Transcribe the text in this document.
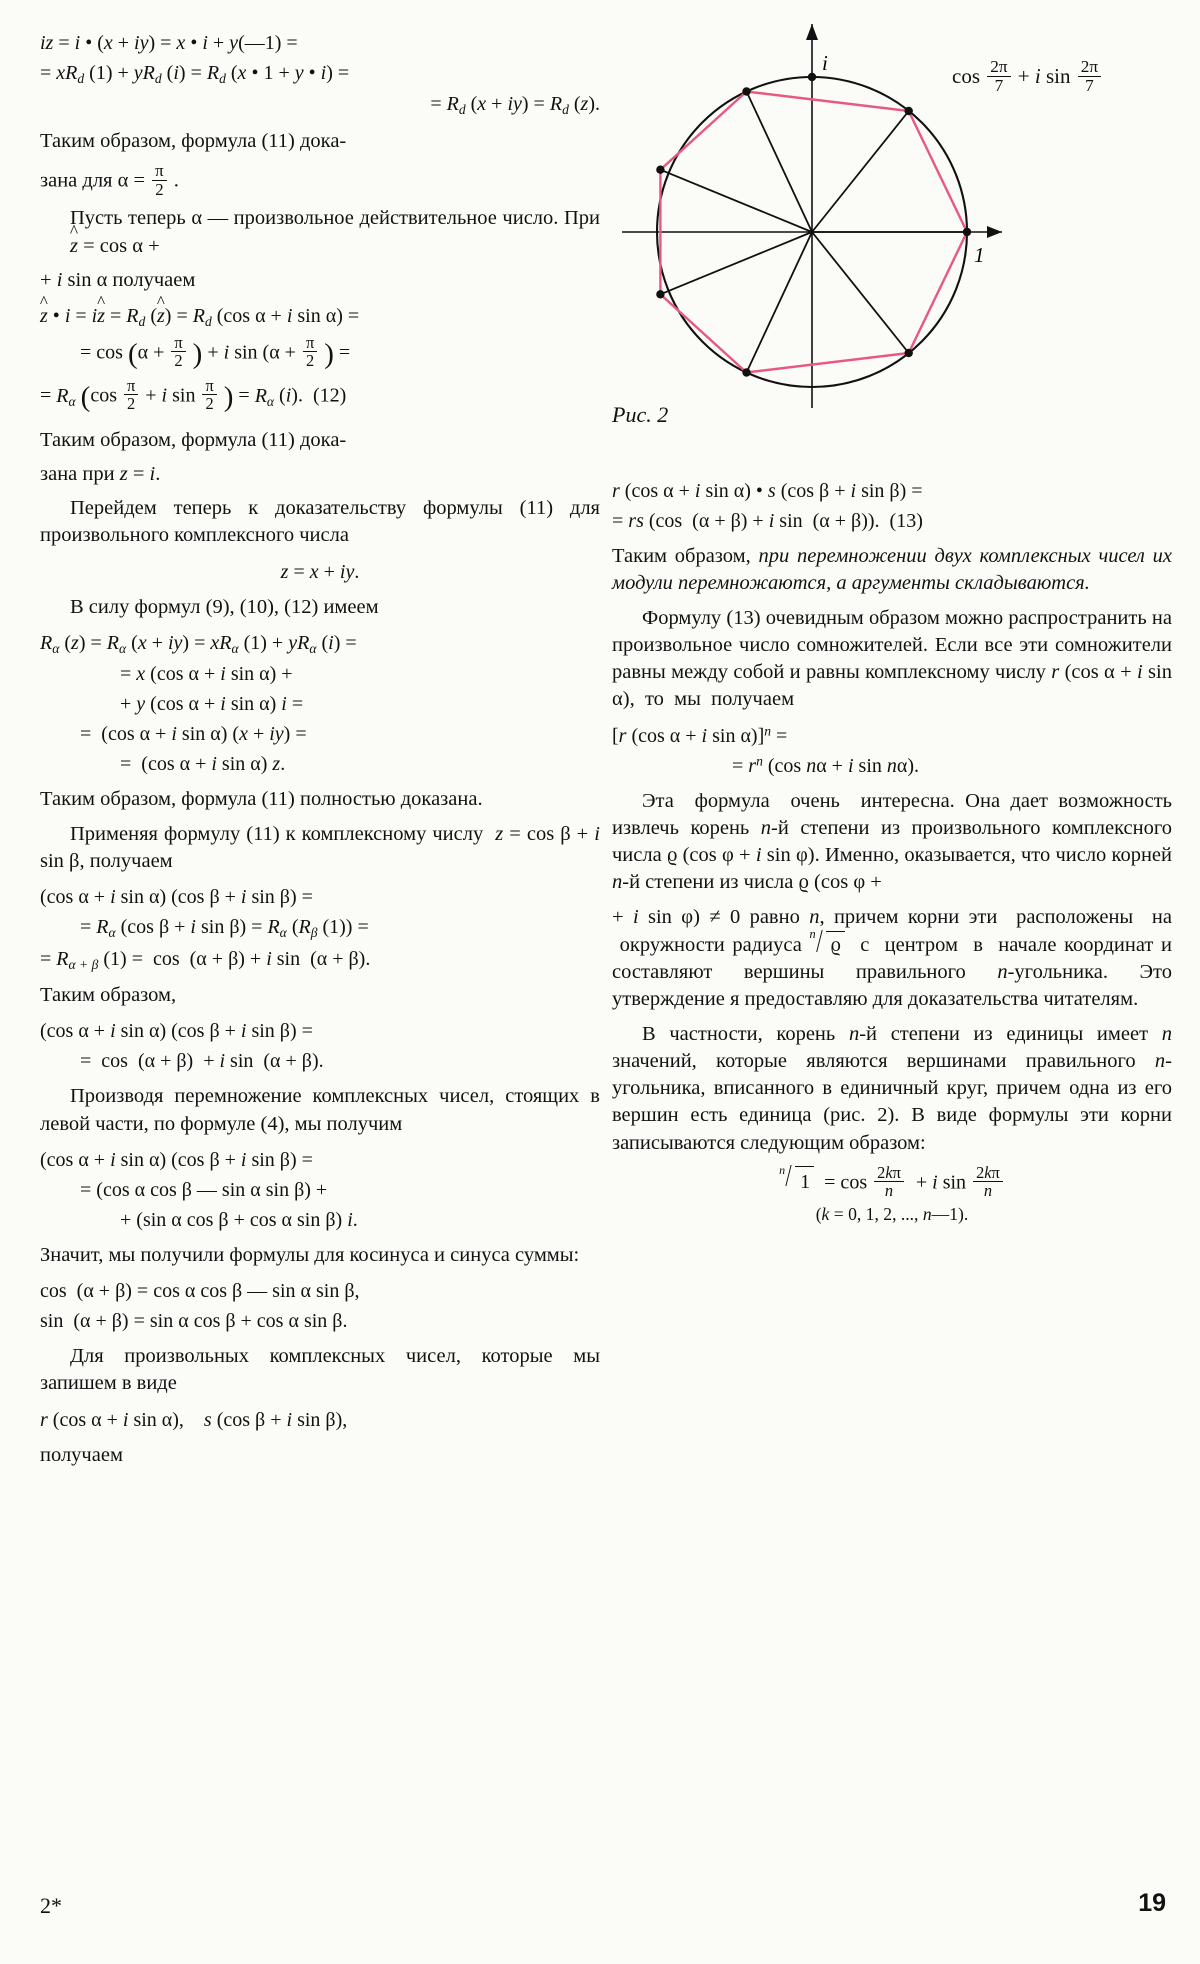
iz = i • (x + iy) = x • i + y(—1) =
= $xR_d$ $(1) + yR_d$ $(i) = R_d$ (x • 1 + y • i) =
= $R_d$ $(x + iy) = R_d$ (z).

Таким образом, формула (11) дока-

зана для $\alpha = \frac{\pi}{2}$ .

Пусть теперь α — произвольное действительное число. При z ^ = cos α +

+ i sin α получаем

z ^ • i = iz ^ = $R_d$ (z ^) = $R_d$ (cos α + i sin α) =
= $\cos (\alpha + \frac{\pi}{2}$ ) + i $\sin (\alpha + \frac{\pi}{2}$ ) =
= $R_\alpha$ ($\cos \frac{\pi}{2} + i$ $\sin \frac{\pi}{2}$ ) = $R_\alpha$ (i).  (12)

Таким образом, формула (11) дока-

зана при z = i.

Перейдем теперь к доказательству формулы (11) для произвольного комплексного числа

z = x + iy.

В силу формул (9), (10), (12) имеем

$R_\alpha$ $(z) = R_\alpha$ $(x + iy) = xR_\alpha$ $(1) + yR_\alpha$ (i) =
= x (cos α + i sin α) +
+ y (cos α + i sin α) i =
=  (cos α + i sin α) (x + iy) =
=  (cos α + i sin α) z.

Таким образом, формула (11) полностью доказана.

Применяя формулу (11) к комплексному числу  z = cos β + i sin β, получаем

(cos α + i sin α) (cos β + i sin β) =
= $R_\alpha$ (cos β + i $\sin \beta) = R_\alpha$ ($R_\beta$ (1)) =
= $R_{\alpha + \beta}$ (1) =  cos  (α + β) + i sin  (α + β).

Таким образом,

(cos α + i sin α) (cos β + i sin β) =
=  cos  (α + β)  + i sin  (α + β).

Производя перемножение комплексных чисел, стоящих в левой части, по формуле (4), мы получим

(cos α + i sin α) (cos β + i sin β) =
= (cos α cos β — sin α sin β) +
+ (sin α cos β + cos α sin β) i.

Значит, мы получили формулы для косинуса и синуса суммы:

cos  (α + β) = cos α cos β — sin α sin β,
sin  (α + β) = sin α cos β + cos α sin β.

Для произвольных комплексных чисел, которые мы запишем в виде

r (cos α + i sin α),    s (cos β + i sin β),

получаем

i
1
$\cos \frac{2\pi}{7} + i$ $\sin \frac{2\pi}{7}$
Рис. 2
r (cos α + i sin α) • s (cos β + i sin β) =
= rs (cos  (α + β) + i sin  (α + β)).  (13)

Таким образом, при перемножении двух комплексных чисел их модули перемножаются, а аргументы складываются.

Формулу (13) очевидным образом можно распространить на произвольное число сомножителей. Если все эти сомножители равны между собой и равны комплексному числу r (cos α + i sin α),  то  мы  получаем

[r (cos α + i sin α)]$^n$ =
= $r^n$ (cos nα + i sin nα).

Эта  формула  очень  интересна. Она дает возможность извлечь корень n-й степени из произвольного комплексного числа ϱ (cos φ + i sin φ). Именно, оказывается, что число корней n-й степени из числа ϱ (cos φ +

+ i sin φ) ≠ 0 равно n, причем корни эти  расположены  на  окружности радиуса
n
ϱ  с  центром  в  начале координат и составляют вершины правильного n-угольника. Это утверждение я предоставляю для доказательства читателям.

В частности, корень n-й степени из единицы имеет n значений, которые являются вершинами правильного n-угольника, вписанного в единичный круг, причем одна из его вершин есть единица (рис. 2). В виде формулы эти корни записываются следующим образом:

n
$1 = \cos \frac{2k\pi}{n} + i$ $\sin \frac{2k\pi}{n}$
(k = 0, 1, 2, ..., n—1).
2*	19
